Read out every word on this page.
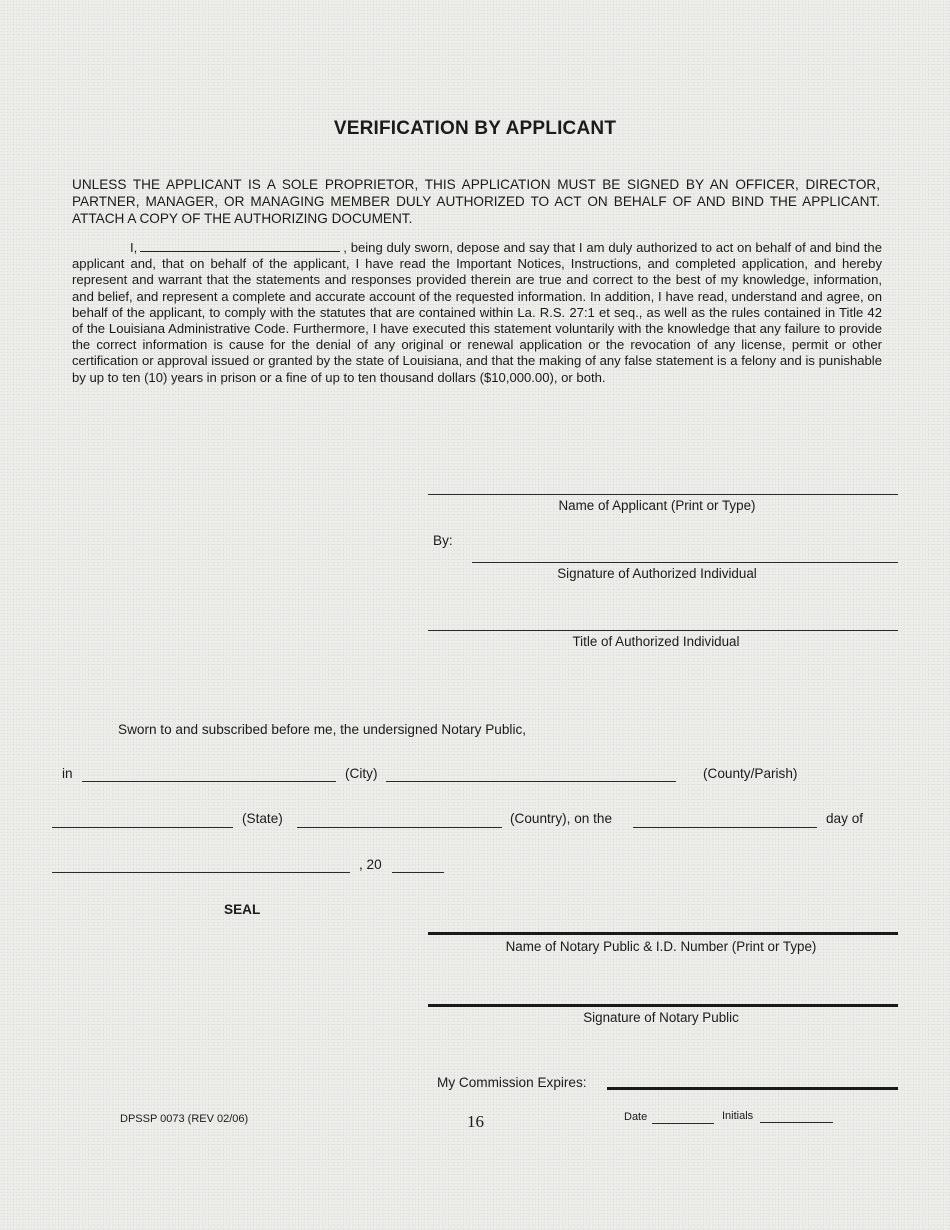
VERIFICATION BY APPLICANT
UNLESS THE APPLICANT IS A SOLE PROPRIETOR, THIS APPLICATION MUST BE SIGNED BY AN OFFICER, DIRECTOR, PARTNER, MANAGER, OR MANAGING MEMBER DULY AUTHORIZED TO ACT ON BEHALF OF AND BIND THE APPLICANT. ATTACH A COPY OF THE AUTHORIZING DOCUMENT.
I,	, being duly sworn, depose and say that I am duly authorized to act on behalf of and bind the applicant and, that on behalf of the applicant, I have read the Important Notices, Instructions, and completed application, and hereby represent and warrant that the statements and responses provided therein are true and correct to the best of my knowledge, information, and belief, and represent a complete and accurate account of the requested information. In addition, I have read, understand and agree, on behalf of the applicant, to comply with the statutes that are contained within La. R.S. 27:1 et seq., as well as the rules contained in Title 42 of the Louisiana Administrative Code. Furthermore, I have executed this statement voluntarily with the knowledge that any failure to provide the correct information is cause for the denial of any original or renewal application or the revocation of any license, permit or other certification or approval issued or granted by the state of Louisiana, and that the making of any false statement is a felony and is punishable by up to ten (10) years in prison or a fine of up to ten thousand dollars ($10,000.00), or both.
Name of Applicant (Print or Type)
By:
Signature of Authorized Individual
Title of Authorized Individual
Sworn to and subscribed before me, the undersigned Notary Public,
in	(City)	(County/Parish)
(State)	(Country), on the	day of
, 20
SEAL
Name of Notary Public & I.D. Number (Print or Type)
Signature of Notary Public
My Commission Expires:
DPSSP 0073 (REV 02/06)	16	Date	Initials
